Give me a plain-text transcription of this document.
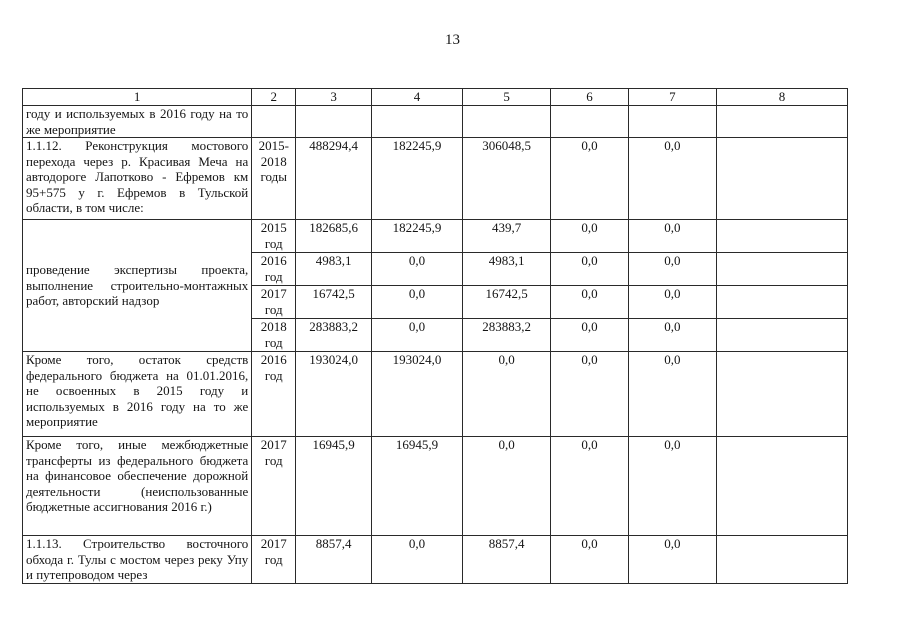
13
1	2	3	4	5	6	7	8
году и используемых в 2016 году на то же мероприятие							
1.1.12. Реконструкция мостового перехода через р. Красивая Меча на автодороге Лапотково - Ефремов км 95+575 у г. Ефремов в Тульской области, в том числе:	2015-2018 годы	488294,4	182245,9	306048,5	0,0	0,0	
проведение экспертизы проекта, выполнение строительно-монтажных работ, авторский надзор	2015 год	182685,6	182245,9	439,7	0,0	0,0	
	2016 год	4983,1	0,0	4983,1	0,0	0,0	
	2017 год	16742,5	0,0	16742,5	0,0	0,0	
	2018 год	283883,2	0,0	283883,2	0,0	0,0	
Кроме того, остаток средств федерального бюджета на 01.01.2016, не освоенных в 2015 году и используемых в 2016 году на то же мероприятие	2016 год	193024,0	193024,0	0,0	0,0	0,0	
Кроме того, иные межбюджетные трансферты из федерального бюджета на финансовое обеспечение дорожной деятельности (неиспользованные бюджетные ассигнования 2016 г.)	2017 год	16945,9	16945,9	0,0	0,0	0,0	
1.1.13. Строительство восточного обхода г. Тулы с мостом через реку Упу и путепроводом через	2017 год	8857,4	0,0	8857,4	0,0	0,0	
